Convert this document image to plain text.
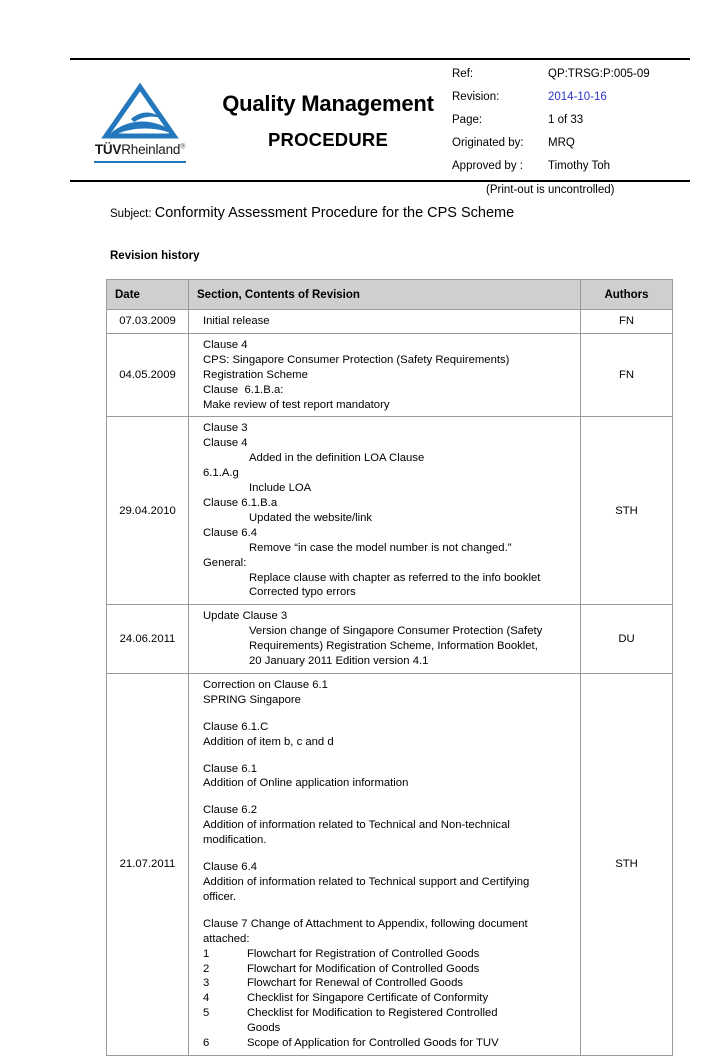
TÜVRheinland®
Quality Management
PROCEDURE
Ref:	QP:TRSG:P:005-09
Revision:	2014-10-16
Page:	1 of 33
Originated by:	MRQ
Approved by :	Timothy Toh
(Print-out is uncontrolled)
Subject: Conformity Assessment Procedure for the CPS Scheme
Revision history
Date	Section, Contents of Revision	Authors
07.03.2009	Initial release	FN
04.05.2009	Clause 4
CPS: Singapore Consumer Protection (Safety Requirements)
Registration Scheme
Clause  6.1.B.a:
Make review of test report mandatory	FN
29.04.2010	
Clause 3
Clause 4
Added in the definition LOA Clause
6.1.A.g
Include LOA
Clause 6.1.B.a
Updated the website/link
Clause 6.4
Remove “in case the model number is not changed.”
General:
Replace clause with chapter as referred to the info booklet
Corrected typo errors
	STH
24.06.2011	Update Clause 3
Version change of Singapore Consumer Protection (Safety
Requirements) Registration Scheme, Information Booklet,
20 January 2011 Edition version 4.1	DU
21.07.2011	
Correction on Clause 6.1
SPRING Singapore
Clause 6.1.C
Addition of item b, c and d
Clause 6.1
Addition of Online application information
Clause 6.2
Addition of information related to Technical and Non-technical
modification.
Clause 6.4
Addition of information related to Technical support and Certifying
officer.
Clause 7 Change of Attachment to Appendix, following document
attached:
1	Flowchart for Registration of Controlled Goods
2	Flowchart for Modification of Controlled Goods
3	Flowchart for Renewal of Controlled Goods
4	Checklist for Singapore Certificate of Conformity
5	Checklist for Modification to Registered Controlled
Goods
6	Scope of Application for Controlled Goods for TUV
	STH
